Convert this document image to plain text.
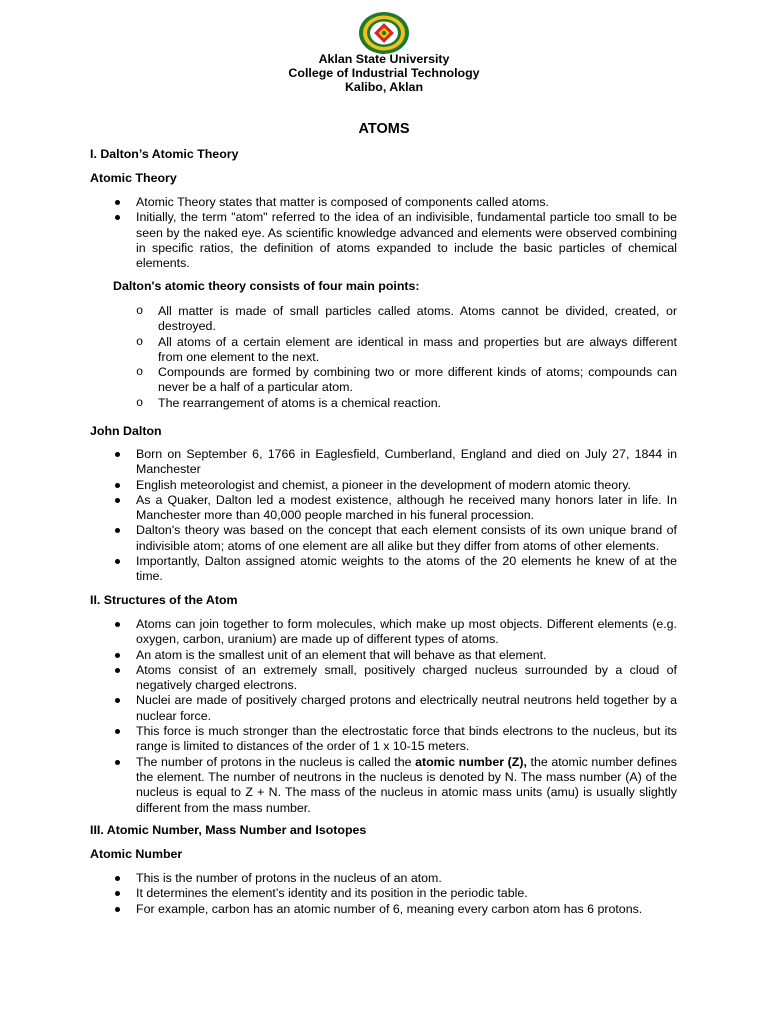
Aklan State University
College of Industrial Technology
Kalibo, Aklan
ATOMS
I. Dalton’s Atomic Theory
Atomic Theory
Atomic Theory states that matter is composed of components called atoms.
Initially, the term "atom" referred to the idea of an indivisible, fundamental particle too small to be seen by the naked eye. As scientific knowledge advanced and elements were observed combining in specific ratios, the definition of atoms expanded to include the basic particles of chemical elements.
Dalton's atomic theory consists of four main points:
o All matter is made of small particles called atoms. Atoms cannot be divided, created, or destroyed.
o All atoms of a certain element are identical in mass and properties but are always different from one element to the next.
o Compounds are formed by combining two or more different kinds of atoms; compounds can never be a half of a particular atom.
o The rearrangement of atoms is a chemical reaction.
John Dalton
Born on September 6, 1766 in Eaglesfield, Cumberland, England and died on July 27, 1844 in Manchester
English meteorologist and chemist, a pioneer in the development of modern atomic theory.
As a Quaker, Dalton led a modest existence, although he received many honors later in life. In Manchester more than 40,000 people marched in his funeral procession.
Dalton's theory was based on the concept that each element consists of its own unique brand of indivisible atom; atoms of one element are all alike but they differ from atoms of other elements.
Importantly, Dalton assigned atomic weights to the atoms of the 20 elements he knew of at the time.
II. Structures of the Atom
Atoms can join together to form molecules, which make up most objects. Different elements (e.g. oxygen, carbon, uranium) are made up of different types of atoms.
An atom is the smallest unit of an element that will behave as that element.
Atoms consist of an extremely small, positively charged nucleus surrounded by a cloud of negatively charged electrons.
Nuclei are made of positively charged protons and electrically neutral neutrons held together by a nuclear force.
This force is much stronger than the electrostatic force that binds electrons to the nucleus, but its range is limited to distances of the order of 1 x 10-15 meters.
The number of protons in the nucleus is called the atomic number (Z), the atomic number defines the element. The number of neutrons in the nucleus is denoted by N. The mass number (A) of the nucleus is equal to Z + N. The mass of the nucleus in atomic mass units (amu) is usually slightly different from the mass number.
III. Atomic Number, Mass Number and Isotopes
Atomic Number
This is the number of protons in the nucleus of an atom.
It determines the element’s identity and its position in the periodic table.
For example, carbon has an atomic number of 6, meaning every carbon atom has 6 protons.
